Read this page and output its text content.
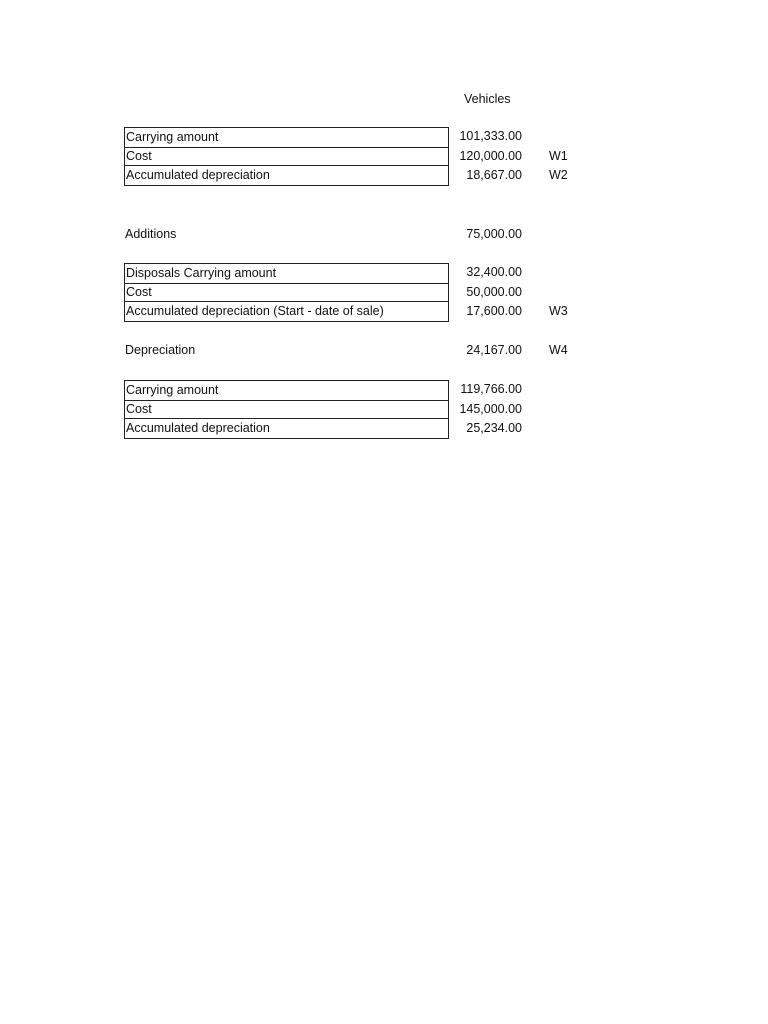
Vehicles
Carrying amount	101,333.00
Cost	120,000.00 W1
Accumulated depreciation	18,667.00 W2
Additions	75,000.00
Disposals Carrying amount	32,400.00
Cost	50,000.00
Accumulated depreciation (Start - date of sale)	17,600.00 W3
Depreciation	24,167.00 W4
Carrying amount	119,766.00
Cost	145,000.00
Accumulated depreciation	25,234.00
